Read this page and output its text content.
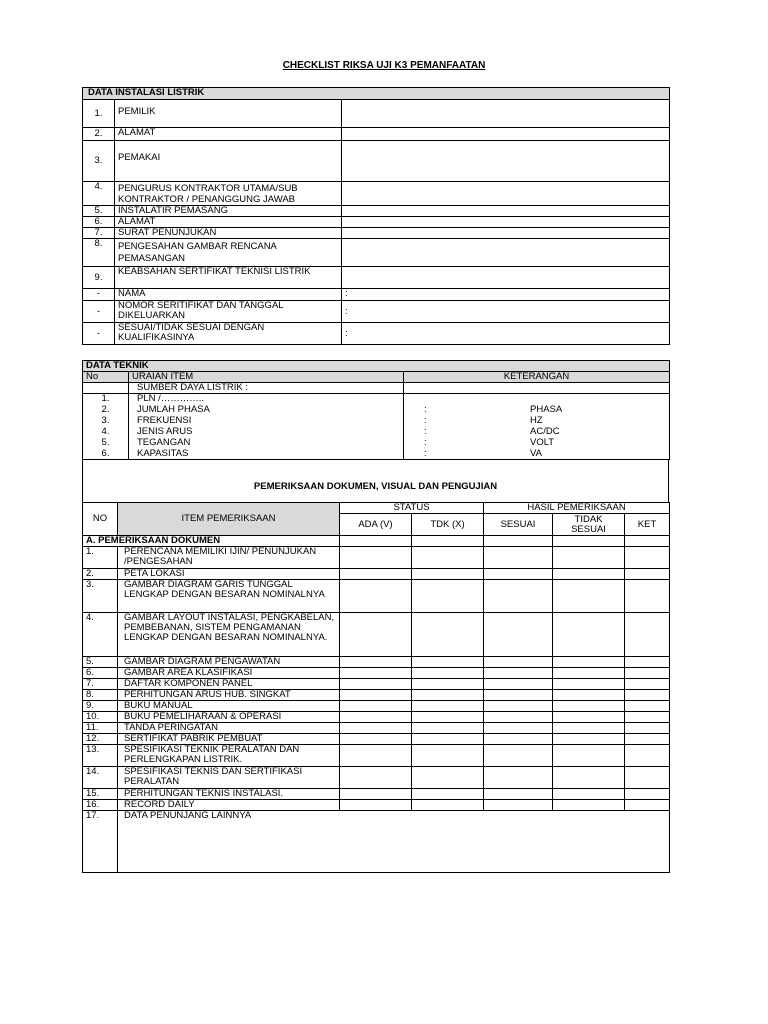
CHECKLIST RIKSA UJI K3 PEMANFAATAN
DATA INSTALASI LISTRIK		
1.	PEMILIK	
2.	ALAMAT	
3.	PEMAKAI	
4.	PENGURUS KONTRAKTOR UTAMA/SUB KONTRAKTOR / PENANGGUNG JAWAB	
5.	INSTALATIR PEMASANG	
6.	ALAMAT	
7.	SURAT PENUNJUKAN	
8.	PENGESAHAN GAMBAR RENCANA PEMASANGAN	
9.	KEABSAHAN SERTIFIKAT TEKNISI LISTRIK	
-	NAMA	:
-	NOMOR SERITIFIKAT DAN TANGGAL DIKELUARKAN	:
-	SESUAI/TIDAK SESUAI DENGAN KUALIFIKASINYA	:
DATA TEKNIK		
No	URAIAN ITEM	KETERANGAN
	SUMBER DAYA LISTRIK :	
1.	PLN /…………..	
2.	JUMLAH PHASA	: PHASA
3.	FREKUENSI	: HZ
4.	JENIS ARUS	: AC/DC
5.	TEGANGAN	: VOLT
6.	KAPASITAS	: VA
PEMERIKSAAN DOKUMEN, VISUAL DAN PENGUJIAN
NO	ITEM PEMERIKSAAN	STATUS		HASIL PEMERIKSAAN		
		ADA (V)	TDK (X)	SESUAI	TIDAK SESUAI	KET
A. PEMERIKSAAN DOKUMEN						
1.	PERENCANA MEMILIKI IJIN/ PENUNJUKAN /PENGESAHAN					
2.	PETA LOKASI					
3.	GAMBAR DIAGRAM GARIS TUNGGAL LENGKAP DENGAN BESARAN NOMINALNYA					
4.	GAMBAR LAYOUT INSTALASI, PENGKABELAN, PEMBEBANAN, SISTEM PENGAMANAN LENGKAP DENGAN BESARAN NOMINALNYA.					
5.	GAMBAR DIAGRAM PENGAWATAN					
6.	GAMBAR AREA KLASIFIKASI					
7.	DAFTAR KOMPONEN PANEL					
8.	PERHITUNGAN ARUS HUB. SINGKAT					
9.	BUKU MANUAL					
10.	BUKU PEMELIHARAAN & OPERASI					
11.	TANDA PERINGATAN					
12.	SERTIFIKAT PABRIK PEMBUAT					
13.	SPESIFIKASI TEKNIK PERALATAN DAN PERLENGKAPAN LISTRIK.					
14.	SPESIFIKASI TEKNIS DAN SERTIFIKASI PERALATAN					
15.	PERHITUNGAN TEKNIS INSTALASI.					
16.	RECORD DAILY					
17.	DATA PENUNJANG LAINNYA					
